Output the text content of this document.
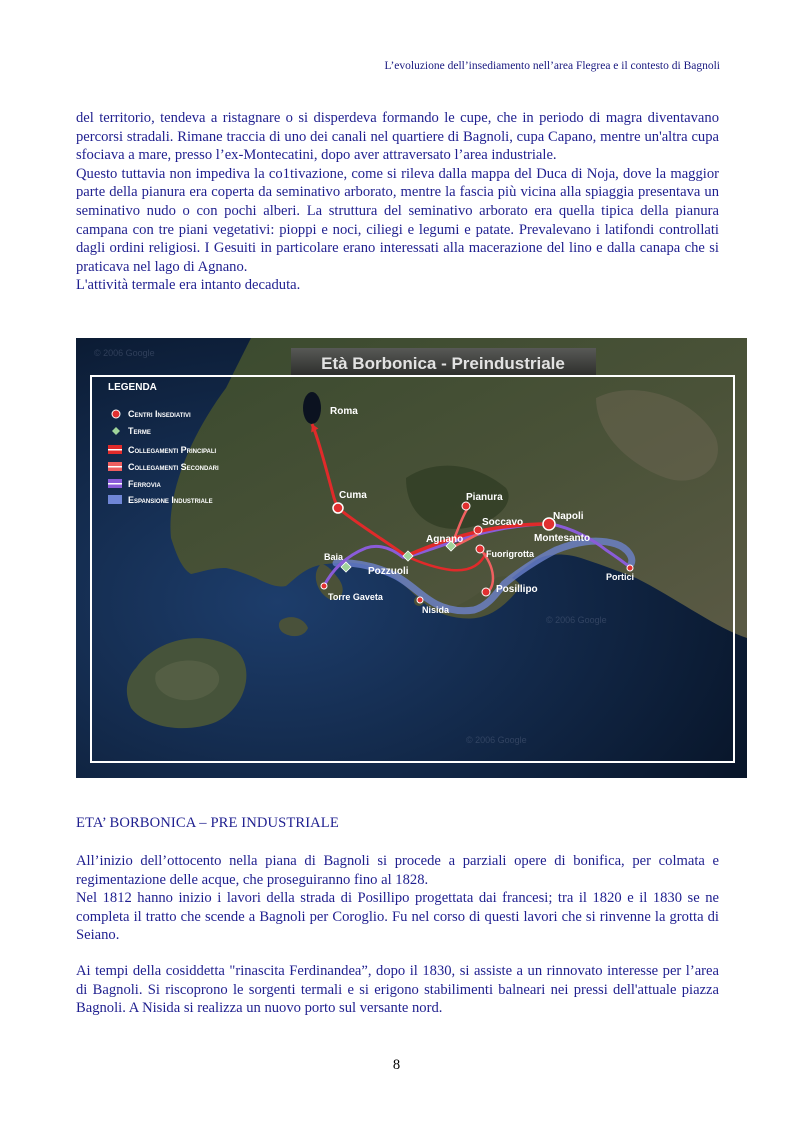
L’evoluzione dell’insediamento nell’area Flegrea e il contesto di Bagnoli

del territorio, tendeva a ristagnare o si disperdeva formando le cupe, che in periodo di magra diventavano percorsi stradali. Rimane traccia di uno dei canali nel quartiere di Bagnoli, cupa Capano, mentre un'altra cupa sfociava a mare, presso l’ex-Montecatini, dopo aver attraversato l’area industriale.

Questo tuttavia non impediva la co1tivazione, come si rileva dalla mappa del Duca di Noja, dove la maggior parte della pianura era coperta da seminativo arborato, mentre la fascia più vicina alla spiaggia presentava un seminativo nudo o con pochi alberi. La struttura del seminativo arborato era quella tipica della pianura campana con tre piani vegetativi: pioppi e noci, ciliegi e legumi e patate. Prevalevano i latifondi controllati dagli ordini religiosi. I Gesuiti in particolare erano interessati alla macerazione del lino e dalla canapa che si praticava nel lago di Agnano.

L'attività termale era intanto decaduta.

© 2006 Google
© 2006 Google
© 2006 Google
Età Borbonica - Preindustriale
LEGENDA
Centri Insediativi
Terme
Collegamenti Principali
Collegamenti Secondari
Ferrovia
Espansione Industriale
Roma
Cuma	Pianura
Soccavo
Napoli
Agnano	Montesanto
Fuorigrotta
Baia
Pozzuoli	Portici
Torre Gaveta
Posillipo
Nisida
ETA’ BORBONICA – PRE INDUSTRIALE

All’inizio dell’ottocento nella piana di Bagnoli si procede a parziali opere di bonifica, per colmata e regimentazione delle acque, che proseguiranno fino al 1828.

Nel 1812 hanno inizio i lavori della strada di Posillipo progettata dai francesi; tra il 1820 e il 1830 se ne completa il tratto che scende a Bagnoli per Coroglio. Fu nel corso di questi lavori che si rinvenne la grotta di Seiano.

Ai tempi della cosiddetta "rinascita Ferdinandea”, dopo il 1830, si assiste a un rinnovato interesse per l’area di Bagnoli. Si riscoprono le sorgenti termali e si erigono stabilimenti balneari nei pressi dell'attuale piazza Bagnoli. A Nisida si realizza un nuovo porto sul versante nord.

8
